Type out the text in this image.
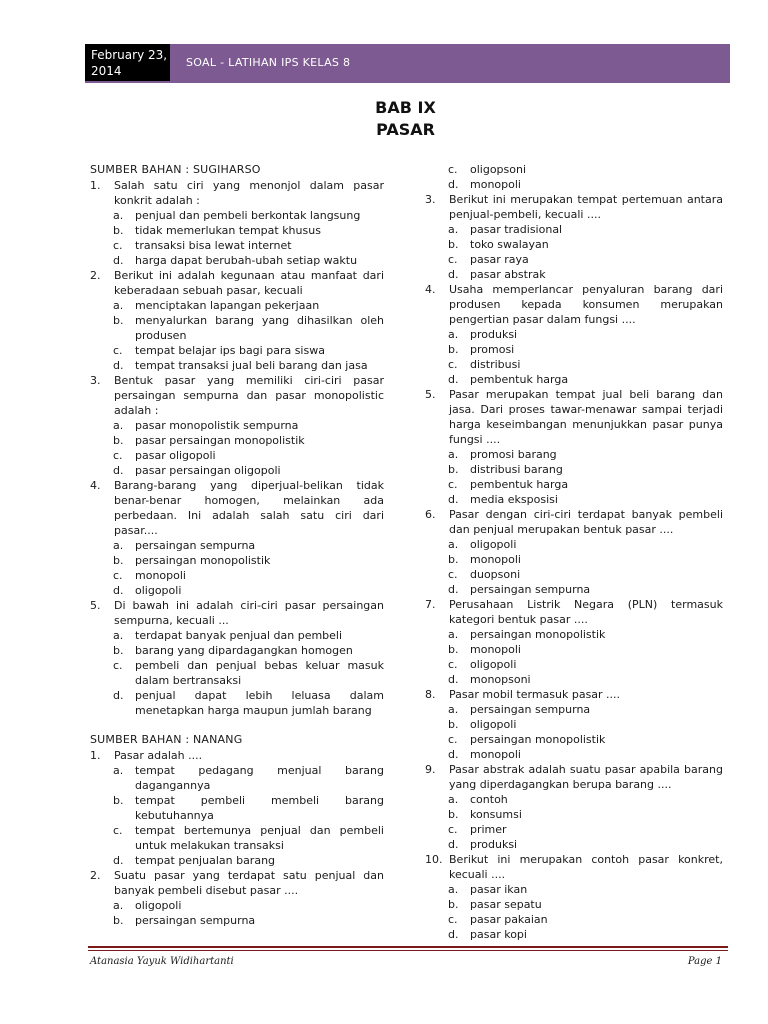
February 23, 2014
SOAL - LATIHAN IPS KELAS 8
BAB IX
PASAR
SUMBER BAHAN : SUGIHARSO
1.	Salah satu ciri yang menonjol dalam pasar konkrit adalah :
a.	penjual dan pembeli berkontak langsung
b.	tidak memerlukan tempat khusus
c.	transaksi bisa lewat internet
d.	harga dapat berubah-ubah setiap waktu
2.	Berikut ini adalah kegunaan atau manfaat dari keberadaan sebuah pasar, kecuali
a.	menciptakan lapangan pekerjaan
b.	menyalurkan barang yang dihasilkan oleh produsen
c.	tempat belajar ips bagi para siswa
d.	tempat transaksi jual beli barang dan jasa
3.	Bentuk pasar yang memiliki ciri-ciri pasar persaingan sempurna dan pasar monopolistic adalah :
a.	pasar monopolistik sempurna
b.	pasar persaingan monopolistik
c.	pasar oligopoli
d.	pasar persaingan oligopoli
4.	Barang-barang yang diperjual-belikan tidak benar-benar homogen, melainkan ada perbedaan. Ini adalah salah satu ciri dari pasar....
a.	persaingan sempurna
b.	persaingan monopolistik
c.	monopoli
d.	oligopoli
5.	Di bawah ini adalah ciri-ciri pasar persaingan sempurna, kecuali ...
a.	terdapat banyak penjual dan pembeli
b.	barang yang dipardagangkan homogen
c.	pembeli dan penjual bebas keluar masuk dalam bertransaksi
d.	penjual dapat lebih leluasa dalam menetapkan harga maupun jumlah barang
SUMBER BAHAN : NANANG
1.	Pasar adalah ....
a.	tempat pedagang menjual barang dagangannya
b.	tempat pembeli membeli barang kebutuhannya
c.	tempat bertemunya penjual dan pembeli untuk melakukan transaksi
d.	tempat penjualan barang
2.	Suatu pasar yang terdapat satu penjual dan banyak pembeli disebut pasar ....
a.	oligopoli
b.	persaingan sempurna
c.	oligopsoni
d.	monopoli
3.	Berikut ini merupakan tempat pertemuan antara penjual-pembeli, kecuali ....
a.	pasar tradisional
b.	toko swalayan
c.	pasar raya
d.	pasar abstrak
4.	Usaha memperlancar penyaluran barang dari produsen kepada konsumen merupakan pengertian pasar dalam fungsi ....
a.	produksi
b.	promosi
c.	distribusi
d.	pembentuk harga
5.	Pasar merupakan tempat jual beli barang dan jasa. Dari proses tawar-menawar sampai terjadi harga keseimbangan menunjukkan pasar punya fungsi ....
a.	promosi barang
b.	distribusi barang
c.	pembentuk harga
d.	media eksposisi
6.	Pasar dengan ciri-ciri terdapat banyak pembeli dan penjual merupakan bentuk pasar ....
a.	oligopoli
b.	monopoli
c.	duopsoni
d.	persaingan sempurna
7.	Perusahaan Listrik Negara (PLN) termasuk kategori bentuk pasar ....
a.	persaingan monopolistik
b.	monopoli
c.	oligopoli
d.	monopsoni
8.	Pasar mobil termasuk pasar ....
a.	persaingan sempurna
b.	oligopoli
c.	persaingan monopolistik
d.	monopoli
9.	Pasar abstrak adalah suatu pasar apabila barang yang diperdagangkan berupa barang ....
a.	contoh
b.	konsumsi
c.	primer
d.	produksi
10. Berikut ini merupakan contoh pasar konkret, kecuali ....
a.	pasar ikan
b.	pasar sepatu
c.	pasar pakaian
d.	pasar kopi
Atanasia Yayuk Widihartanti	Page 1
